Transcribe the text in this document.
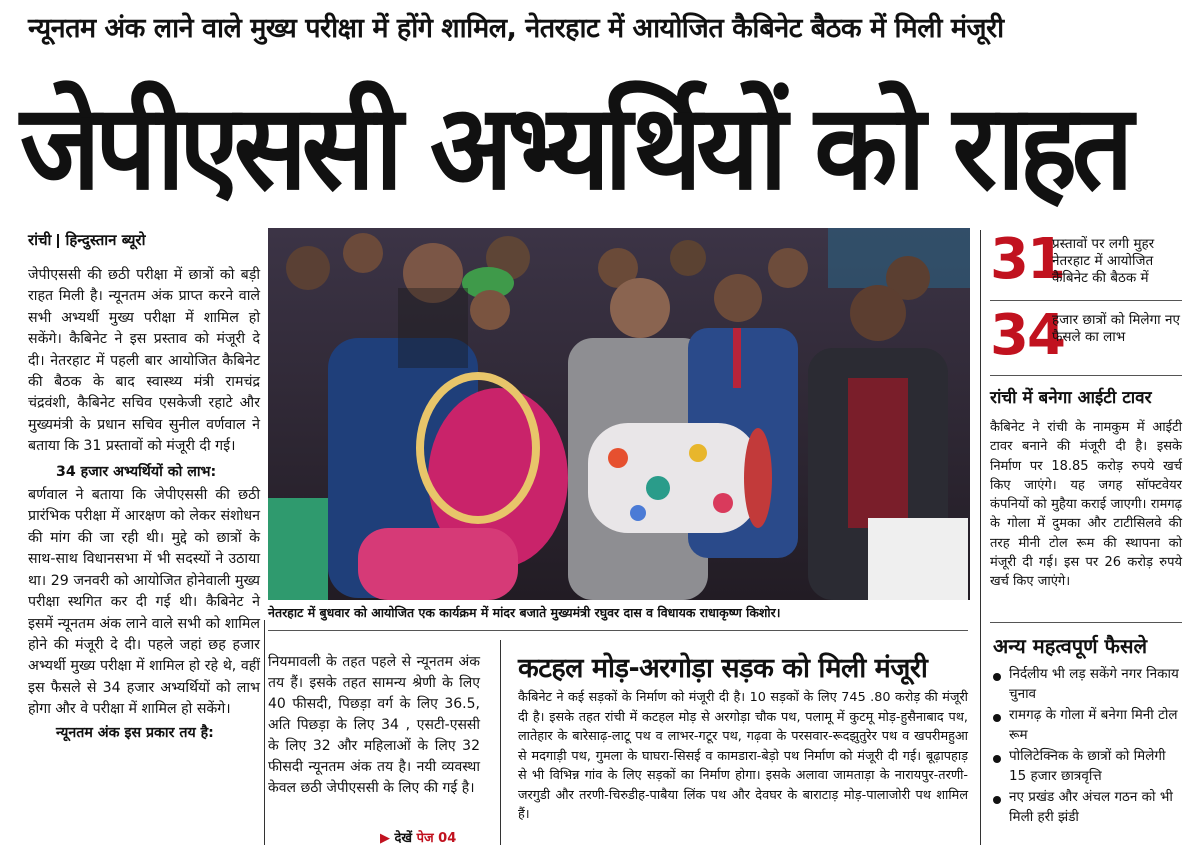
न्यूनतम अंक लाने वाले मुख्य परीक्षा में होंगे शामिल, नेतरहाट में आयोजित कैबिनेट बैठक में मिली मंजूरी
जेपीएससी अभ्यर्थियों को राहत
रांची हिन्दुस्तान ब्यूरो

जेपीएससी की छठी परीक्षा में छात्रों को बड़ी राहत मिली है। न्यूनतम अंक प्राप्त करने वाले सभी अभ्यर्थी मुख्य परीक्षा में शामिल हो सकेंगे। कैबिनेट ने इस प्रस्ताव को मंजूरी दे दी। नेतरहाट में पहली बार आयोजित कैबिनेट की बैठक के बाद स्वास्थ्य मंत्री रामचंद्र चंद्रवंशी, कैबिनेट सचिव एसकेजी रहाटे और मुख्यमंत्री के प्रधान सचिव सुनील वर्णवाल ने बताया कि 31 प्रस्तावों को मंजूरी दी गई।

34 हजार अभ्यर्थियों को लाभ:

बर्णवाल ने बताया कि जेपीएससी की छठी प्रारंभिक परीक्षा में आरक्षण को लेकर संशोधन की मांग की जा रही थी। मुद्दे को छात्रों के साथ-साथ विधानसभा में भी सदस्यों ने उठाया था। 29 जनवरी को आयोजित होनेवाली मुख्य परीक्षा स्थगित कर दी गई थी। कैबिनेट ने इसमें न्यूनतम अंक लाने वाले सभी को शामिल होने की मंजूरी दे दी। पहले जहां छह हजार अभ्यर्थी मुख्य परीक्षा में शामिल हो रहे थे, वहीं इस फैसले से 34 हजार अभ्यर्थियों को लाभ होगा और वे परीक्षा में शामिल हो सकेंगे।

न्यूनतम अंक इस प्रकार तय है:
नेतरहाट में बुधवार को आयोजित एक कार्यक्रम में मांदर बजाते मुख्यमंत्री रघुवर दास व विधायक राधाकृष्ण किशोर।

नियमावली के तहत पहले से न्यूनतम अंक तय हैं। इसके तहत सामन्य श्रेणी के लिए 40 फीसदी, पिछड़ा वर्ग के लिए 36.5, अति पिछड़ा के लिए 34 , एसटी-एससी के लिए 32 और महिलाओं के लिए 32 फीसदी न्यूनतम अंक तय है। नयी व्यवस्था केवल छठी जेपीएससी के लिए की गई है।

▶ देखें पेज 04
कटहल मोड़-अरगोड़ा सड़क को मिली मंजूरी

कैबिनेट ने कई सड़कों के निर्माण को मंजूरी दी है। 10 सड़कों के लिए 745 .80 करोड़ की मंजूरी दी है। इसके तहत रांची में कटहल मोड़ से अरगोड़ा चौक पथ, पलामू में कुटमू मोड़-हुसैनाबाद पथ, लातेहार के बारेसाढ़-लाटू पथ व लाभर-गटूर पथ, गढ़वा के परसवार-रूदझुतुरेर पथ व खपरीमहुआ से मदगाड़ी पथ, गुमला के घाघरा-सिसई व कामडारा-बेड़ो पथ निर्माण को मंजूरी दी गई। बूढ़ापहाड़ से भी विभिन्न गांव के लिए सड़कों का निर्माण होगा। इसके अलावा जामताड़ा के नारायपुर-तरणी-जरगुडी और तरणी-चिरुडीह-पाबैया लिंक पथ और देवघर के बाराटाड़ मोड़-पालाजोरी पथ शामिल हैं।

31
प्रस्तावों पर लगी मुहर नेतरहाट में आयोजित कैबिनेट की बैठक में
34
हजार छात्रों को मिलेगा नए फैसले का लाभ
रांची में बनेगा आईटी टावर

कैबिनेट ने रांची के नामकुम में आईटी टावर बनाने की मंजूरी दी है। इसके निर्माण पर 18.85 करोड़ रुपये खर्च किए जाएंगे। यह जगह सॉफ्टवेयर कंपनियों को मुहैया कराई जाएगी। रामगढ़ के गोला में दुमका और टाटीसिलवे की तरह मीनी टोल रूम की स्थापना को मंजूरी दी गई। इस पर 26 करोड़ रुपये खर्च किए जाएंगे।

अन्य महत्वपूर्ण फैसले
निर्दलीय भी लड़ सकेंगे नगर निकाय चुनाव
रामगढ़ के गोला में बनेगा मिनी टोल रूम
पोलिटेक्निक के छात्रों को मिलेगी 15 हजार छात्रवृत्ति
नए प्रखंड और अंचल गठन को भी मिली हरी झंडी
